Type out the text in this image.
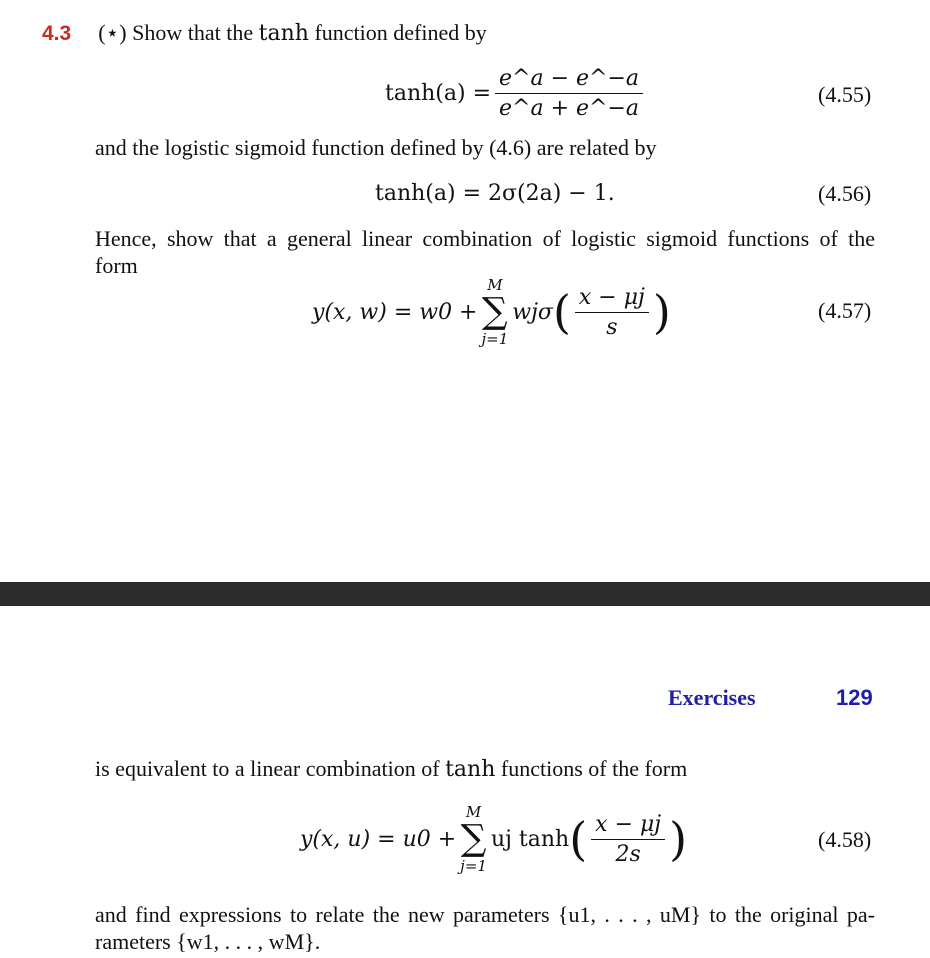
4.3 (⋆) Show that the tanh function defined by
$\tanh(a) = \frac{e\^{}a - e\^{}-a}{e\^{}a + e\^{}-a}$	(4.55)
and the logistic sigmoid function defined by (4.6) are related by
tanh(a) = 2σ(2a) − 1.	(4.56)
Hence, show that a general linear combination of logistic sigmoid functions of the
form
y(x, w) = w0 +
M
∑
j=1
wjσ ( $\frac{x - \mu j}{s}$ )	(4.57)
Exercises	129
is equivalent to a linear combination of tanh functions of the form
y(x, u) = u0 +
M
∑
j=1
uj tanh ( $\frac{x - \mu j}{2s}$ )	(4.58)
and find expressions to relate the new parameters {u1, . . . , uM} to the original pa-
rameters {w1, . . . , wM}.
